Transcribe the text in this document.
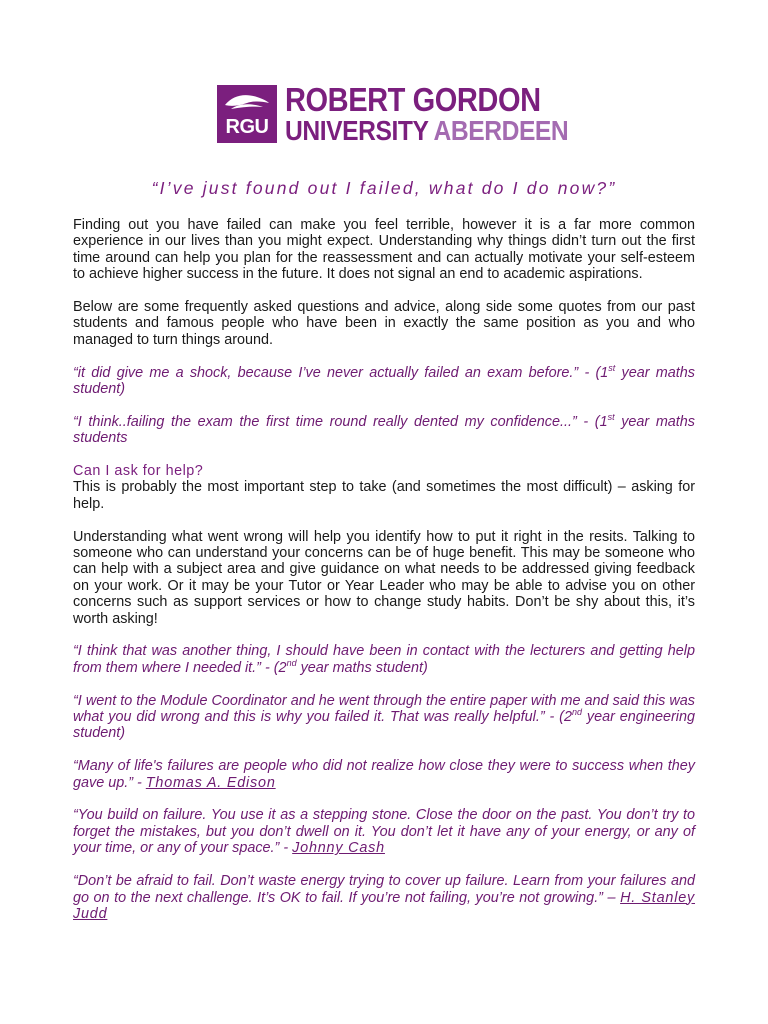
RGU
ROBERT GORDON
UNIVERSITY ABERDEEN
“I’ve just found out I failed, what do I do now?”

Finding out you have failed can make you feel terrible, however it is a far more common experience in our lives than you might expect. Understanding why things didn’t turn out the first time around can help you plan for the reassessment and can actually motivate your self-esteem to achieve higher success in the future. It does not signal an end to academic aspirations.

Below are some frequently asked questions and advice, along side some quotes from our past students and famous people who have been in exactly the same position as you and who managed to turn things around.

“it did give me a shock, because I’ve never actually failed an exam before.” - (1st year maths student)

“I think..failing the exam the first time round really dented my confidence...” - (1st year maths students

Can I ask for help?

This is probably the most important step to take (and sometimes the most difficult) – asking for help.

Understanding what went wrong will help you identify how to put it right in the resits. Talking to someone who can understand your concerns can be of huge benefit. This may be someone who can help with a subject area and give guidance on what needs to be addressed giving feedback on your work. Or it may be your Tutor or Year Leader who may be able to advise you on other concerns such as support services or how to change study habits. Don’t be shy about this, it’s worth asking!

“I think that was another thing, I should have been in contact with the lecturers and getting help from them where I needed it.” - (2nd year maths student)

“I went to the Module Coordinator and he went through the entire paper with me and said this was what you did wrong and this is why you failed it. That was really helpful.” - (2nd year engineering student)

“Many of life's failures are people who did not realize how close they were to success when they gave up.” - Thomas A. Edison

“You build on failure. You use it as a stepping stone. Close the door on the past. You don’t try to forget the mistakes, but you don’t dwell on it. You don’t let it have any of your energy, or any of your time, or any of your space.” - Johnny Cash

“Don’t be afraid to fail. Don’t waste energy trying to cover up failure. Learn from your failures and go on to the next challenge. It’s OK to fail. If you’re not failing, you’re not growing.” – H. Stanley Judd
